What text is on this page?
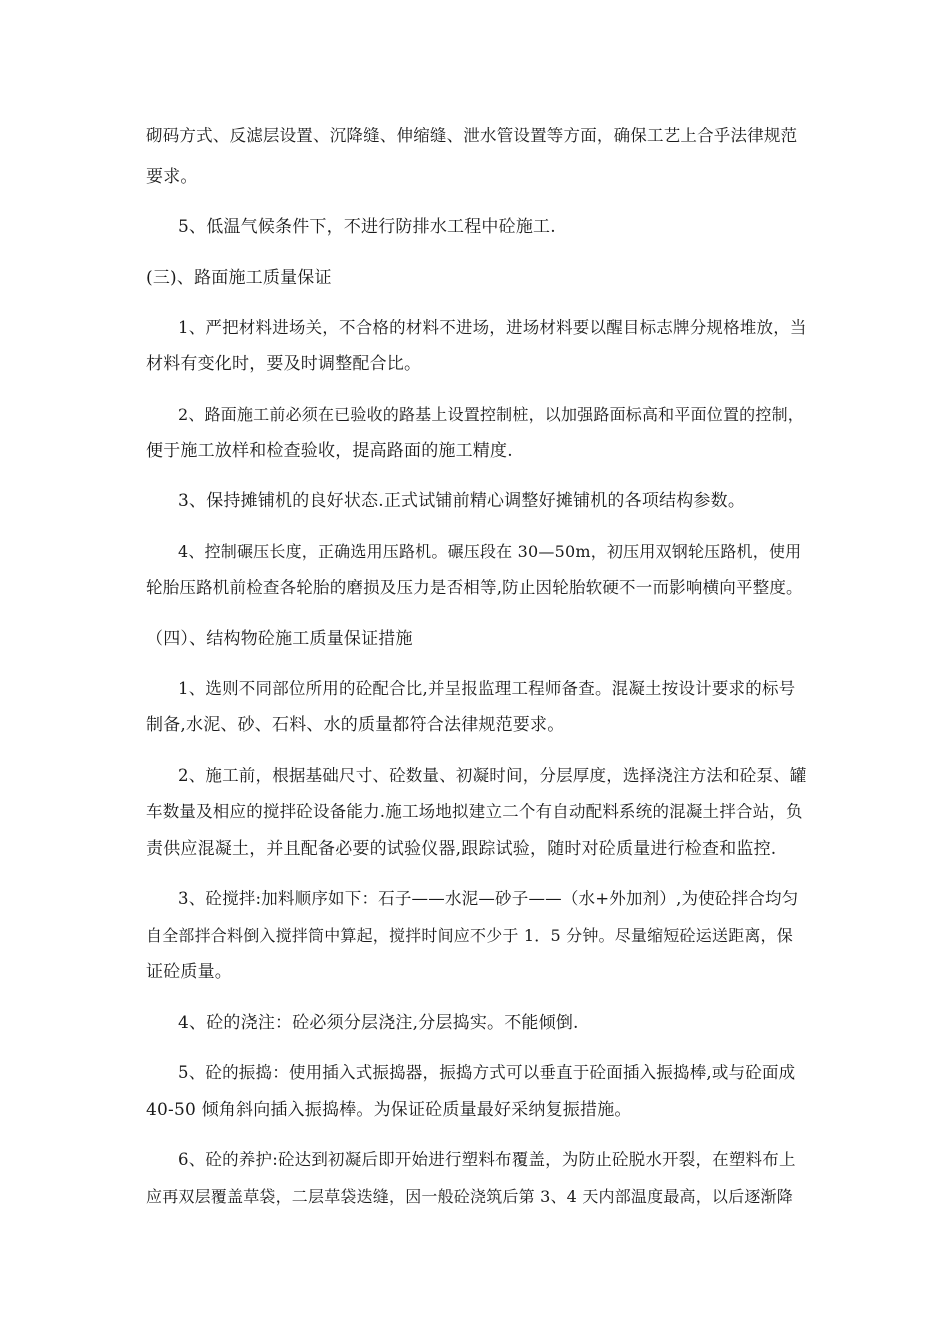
砌码方式、反滤层设置、沉降缝、伸缩缝、泄水管设置等方面，确保工艺上合乎法律规范
要求。
5、低温气候条件下，不进行防排水工程中砼施工.
(三)、路面施工质量保证
1、严把材料进场关，不合格的材料不进场，进场材料要以醒目标志牌分规格堆放，当
材料有变化时，要及时调整配合比。
2、路面施工前必须在已验收的路基上设置控制桩，以加强路面标高和平面位置的控制，
便于施工放样和检查验收，提高路面的施工精度.
3、保持摊铺机的良好状态.正式试铺前精心调整好摊铺机的各项结构参数。
4、控制碾压长度，正确选用压路机。碾压段在 30—50m，初压用双钢轮压路机，使用
轮胎压路机前检查各轮胎的磨损及压力是否相等,防止因轮胎软硬不一而影响横向平整度。
（四）、结构物砼施工质量保证措施
1、选则不同部位所用的砼配合比,并呈报监理工程师备查。混凝土按设计要求的标号
制备,水泥、砂、石料、水的质量都符合法律规范要求。
2、施工前，根据基础尺寸、砼数量、初凝时间，分层厚度，选择浇注方法和砼泵、罐
车数量及相应的搅拌砼设备能力.施工场地拟建立二个有自动配料系统的混凝土拌合站，负
责供应混凝土，并且配备必要的试验仪器,跟踪试验，随时对砼质量进行检查和监控.
3、砼搅拌:加料顺序如下：石子——水泥—砂子——（水+外加剂）,为使砼拌合均匀
自全部拌合料倒入搅拌筒中算起，搅拌时间应不少于 1．5 分钟。尽量缩短砼运送距离，保
证砼质量。
4、砼的浇注：砼必须分层浇注,分层捣实。不能倾倒.
5、砼的振捣：使用插入式振捣器，振捣方式可以垂直于砼面插入振捣棒,或与砼面成
40-50 倾角斜向插入振捣棒。为保证砼质量最好采纳复振措施。
6、砼的养护:砼达到初凝后即开始进行塑料布覆盖，为防止砼脱水开裂，在塑料布上
应再双层覆盖草袋，二层草袋迭缝，因一般砼浇筑后第 3、4 天内部温度最高，以后逐渐降
